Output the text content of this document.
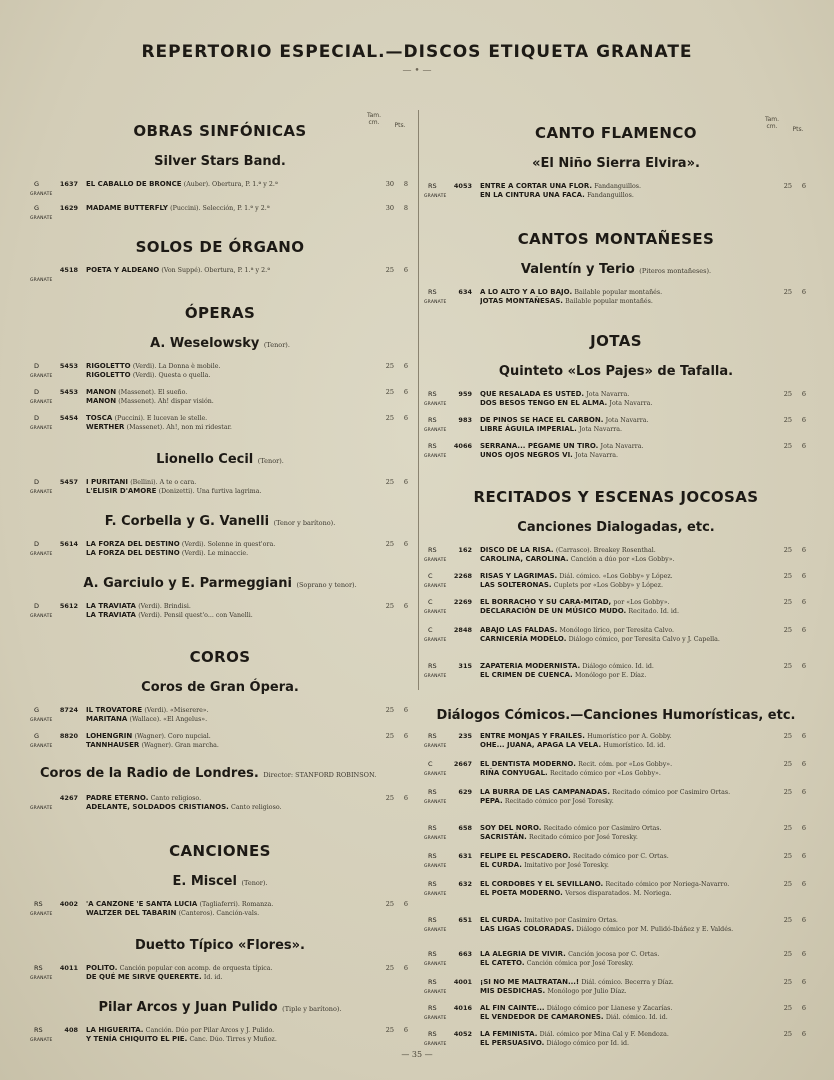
REPERTORIO ESPECIAL.—DISCOS ETIQUETA GRANATE
— • —
Tam. cm.	Pts.
OBRAS SINFÓNICAS
Silver Stars Band.
G	1637
GRANATE
EL CABALLO DE BRONCE (Auber). Obertura, P. 1.ª y 2.ª	30 8
G	1629
GRANATE
MADAME BUTTERFLY (Puccini). Selección, P. 1.ª y 2.ª	30 8
SOLOS DE ÓRGANO
4518
GRANATE
POETA Y ALDEANO (Von Suppé). Obertura, P. 1.ª y 2.ª	25 6
ÓPERAS
A. Weselowsky (Tenor).
D	5453
GRANATE
RIGOLETTO (Verdi). La Donna è mobile.
RIGOLETTO (Verdi). Questa o quella.
25 6
D	5453
GRANATE
MANON (Massenet). El sueño.
MANON (Massenet). Ah! dispar visión.
25 6
D	5454
GRANATE
TOSCA (Puccini). E lucevan le stelle.
WERTHER (Massenet). Ah!, non mi ridestar.
25 6
Lionello Cecil (Tenor).
D	5457
GRANATE
I PURITANI (Bellini). A te o cara.
L'ELISIR D'AMORE (Donizetti). Una furtiva lagrima.
25 6
F. Corbella y G. Vanelli (Tenor y barítono).
D	5614
GRANATE
LA FORZA DEL DESTINO (Verdi). Solenne in quest'ora.
LA FORZA DEL DESTINO (Verdi). Le minaccie.
25 6
A. Garciulo y E. Parmeggiani (Soprano y tenor).
D	5612
GRANATE
LA TRAVIATA (Verdi). Brindisi.
LA TRAVIATA (Verdi). Pensil quest'o... con Vanelli.
25 6
COROS
Coros de Gran Ópera.
G	8724
GRANATE
IL TROVATORE (Verdi). «Miserere».
MARITANA (Wallace). «El Angelus».
25 6
G	8820
GRANATE
LOHENGRIN (Wagner). Coro nupcial.
TANNHAUSER (Wagner). Gran marcha.
25 6
Coros de la Radio de Londres. Director: STANFORD ROBINSON.
4267
GRANATE
PADRE ETERNO. Canto religioso.
ADELANTE, SOLDADOS CRISTIANOS. Canto religioso.
25 6
CANCIONES
E. Miscel (Tenor).
RS	4002
GRANATE
'A CANZONE 'E SANTA LUCIA (Tagliaferri). Romanza.
WALTZER DEL TABARIN (Canteros). Canción-vals.
25 6
Duetto Típico «Flores».
RS	4011
GRANATE
POLITO. Canción popular con acomp. de orquesta típica.
DE QUÉ ME SIRVE QUERERTE. Id. id.
25 6
Pilar Arcos y Juan Pulido (Tiple y barítono).
RS	408
GRANATE
LA HIGUERITA. Canción. Dúo por Pilar Arcos y J. Pulido.
Y TENÍA CHIQUITO EL PIE. Canc. Dúo. Tirres y Muñoz.
25 6
Tam. cm.	Pts.
CANTO FLAMENCO
«El Niño Sierra Elvira».
RS	4053
GRANATE
ENTRE A CORTAR UNA FLOR. Fandanguillos.
EN LA CINTURA UNA FACA. Fandanguillos.
25 6
CANTOS MONTAÑESES
Valentín y Terio (Piteros montañeses).
RS	634
GRANATE
A LO ALTO Y A LO BAJO. Bailable popular montañés.
JOTAS MONTAÑESAS. Bailable popular montañés.
25 6
JOTAS
Quinteto «Los Pajes» de Tafalla.
RS	959
GRANATE
QUÉ RESALADA ES USTED. Jota Navarra.
DOS BESOS TENGO EN EL ALMA. Jota Navarra.
25 6
RS	983
GRANATE
DE PINOS SE HACE EL CARBÓN. Jota Navarra.
LIBRE ÁGUILA IMPERIAL. Jota Navarra.
25 6
RS	4066
GRANATE
SERRANA... PÉGAME UN TIRO. Jota Navarra.
UNOS OJOS NEGROS VI. Jota Navarra.
25 6
RECITADOS Y ESCENAS JOCOSAS
Canciones Dialogadas, etc.
RS	162
GRANATE
DISCO DE LA RISA. (Carrasco). Breakey Rosenthal.
CAROLINA, CAROLINA. Canción a dúo por «Los Gobby».
25 6
C	2268
GRANATE
RISAS Y LÁGRIMAS. Diál. cómico. «Los Gobby» y López.
LAS SOLTERONAS. Cuplets por «Los Gobby» y López.
25 6
C	2269
GRANATE
EL BORRACHO Y SU CARA-MITAD, por «Los Gobby».
DECLARACIÓN DE UN MÚSICO MUDO. Recitado. Id. id.
25 6
C	2848
GRANATE
ABAJO LAS FALDAS. Monólogo lírico, por Teresita Calvo.
CARNICERÍA MODELO. Diálogo cómico, por Teresita Calvo y J. Capella.
25 6
RS	315
GRANATE
ZAPATERÍA MODERNISTA. Diálogo cómico. Id. id.
EL CRIMEN DE CUENCA. Monólogo por E. Díaz.
25 6
Diálogos Cómicos.—Canciones Humorísticas, etc.
RS	235
GRANATE
ENTRE MONJAS Y FRAILES. Humorístico por A. Gobby.
OHE... JUANA, APAGA LA VELA. Humorístico. Id. id.
25 6
C	2667
GRANATE
EL DENTISTA MODERNO. Recit. cóm. por «Los Gobby».
RIÑA CONYUGAL. Recitado cómico por «Los Gobby».
25 6
RS	629
GRANATE
LA BURRA DE LAS CAMPANADAS. Recitado cómico por Casimiro Ortas.
PEPA. Recitado cómico por José Toresky.
25 6
RS	658
GRANATE
SOY DEL NORO. Recitado cómico por Casimiro Ortas.
SACRISTÁN. Recitado cómico por José Toresky.
25 6
RS	631
GRANATE
FELIPE EL PESCADERO. Recitado cómico por C. Ortas.
EL CURDA. Imitativo por José Toresky.
25 6
RS	632
GRANATE
EL CORDOBÉS Y EL SEVILLANO. Recitado cómico por Noriega-Navarro.
EL POETA MODERNO. Versos disparatados. M. Noriega.
25 6
RS	651
GRANATE
EL CURDA. Imitativo por Casimiro Ortas.
LAS LIGAS COLORADAS. Diálogo cómico por M. Pulidó-Ibáñez y E. Valdés.
25 6
RS	663
GRANATE
LA ALEGRÍA DE VIVIR. Canción jocosa por C. Ortas.
EL CATETO. Canción cómica por José Toresky.
25 6
RS	4001
GRANATE
¡SI NO ME MALTRATAN...! Diál. cómico. Becerra y Díaz.
MIS DESDICHAS. Monólogo por Julio Díaz.
25 6
RS	4016
GRANATE
AL FIN CAINTE... Diálogo cómico por Lianese y Zacarías.
EL VENDEDOR DE CAMARONES. Diál. cómico. Id. id.
25 6
RS	4052
GRANATE
LA FEMINISTA. Diál. cómico por Mina Cal y F. Mendoza.
EL PERSUASIVO. Diálogo cómico por Id. id.
25 6
— 35 —
